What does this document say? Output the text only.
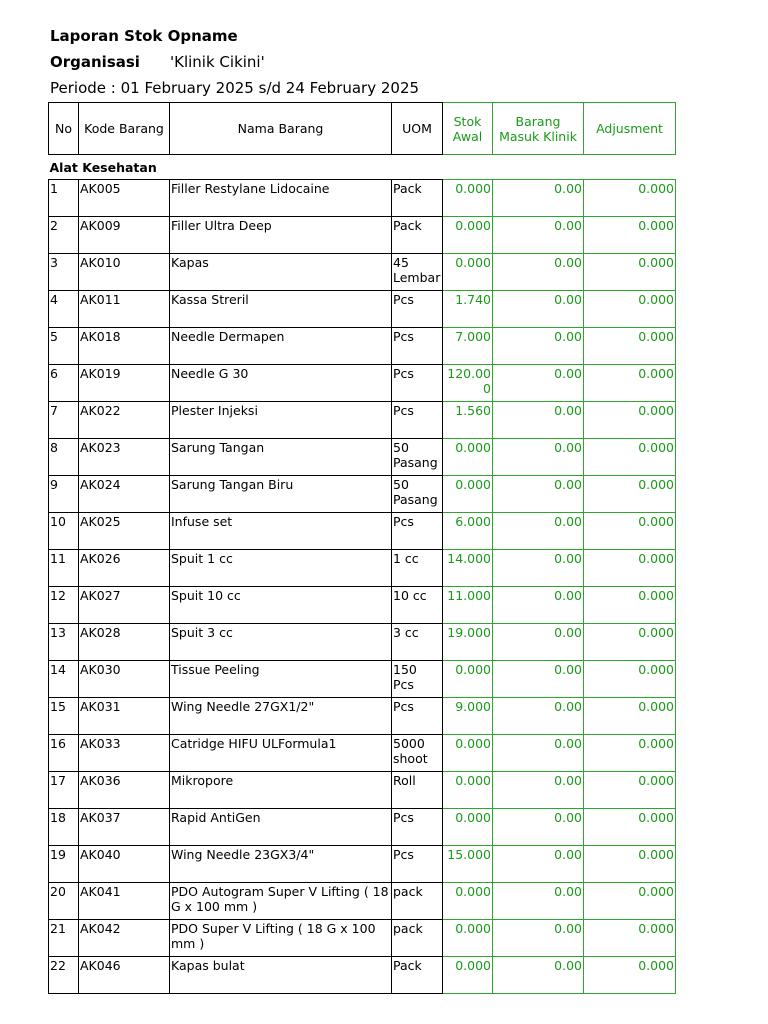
Laporan Stok Opname
Organisasi 'Klinik Cikini'
Periode : 01 February 2025 s/d 24 February 2025
No	Kode Barang	Nama Barang	UOM	Stok Awal	Barang Masuk Klinik	Adjusment
Alat Kesehatan						
1	AK005	Filler Restylane Lidocaine	Pack	0.000	0.00	0.000
2	AK009	Filler Ultra Deep	Pack	0.000	0.00	0.000
3	AK010	Kapas	45 Lembar	0.000	0.00	0.000
4	AK011	Kassa Streril	Pcs	1.740	0.00	0.000
5	AK018	Needle Dermapen	Pcs	7.000	0.00	0.000
6	AK019	Needle G 30	Pcs	120.000	0.00	0.000
7	AK022	Plester Injeksi	Pcs	1.560	0.00	0.000
8	AK023	Sarung Tangan	50 Pasang	0.000	0.00	0.000
9	AK024	Sarung Tangan Biru	50 Pasang	0.000	0.00	0.000
10	AK025	Infuse set	Pcs	6.000	0.00	0.000
11	AK026	Spuit 1 cc	1 cc	14.000	0.00	0.000
12	AK027	Spuit 10 cc	10 cc	11.000	0.00	0.000
13	AK028	Spuit 3 cc	3 cc	19.000	0.00	0.000
14	AK030	Tissue Peeling	150 Pcs	0.000	0.00	0.000
15	AK031	Wing Needle 27GX1/2"	Pcs	9.000	0.00	0.000
16	AK033	Catridge HIFU ULFormula1	5000 shoot	0.000	0.00	0.000
17	AK036	Mikropore	Roll	0.000	0.00	0.000
18	AK037	Rapid AntiGen	Pcs	0.000	0.00	0.000
19	AK040	Wing Needle 23GX3/4"	Pcs	15.000	0.00	0.000
20	AK041	PDO Autogram Super V Lifting ( 18 G x 100 mm )	pack	0.000	0.00	0.000
21	AK042	PDO Super V Lifting ( 18 G x 100 mm )	pack	0.000	0.00	0.000
22	AK046	Kapas bulat	Pack	0.000	0.00	0.000
